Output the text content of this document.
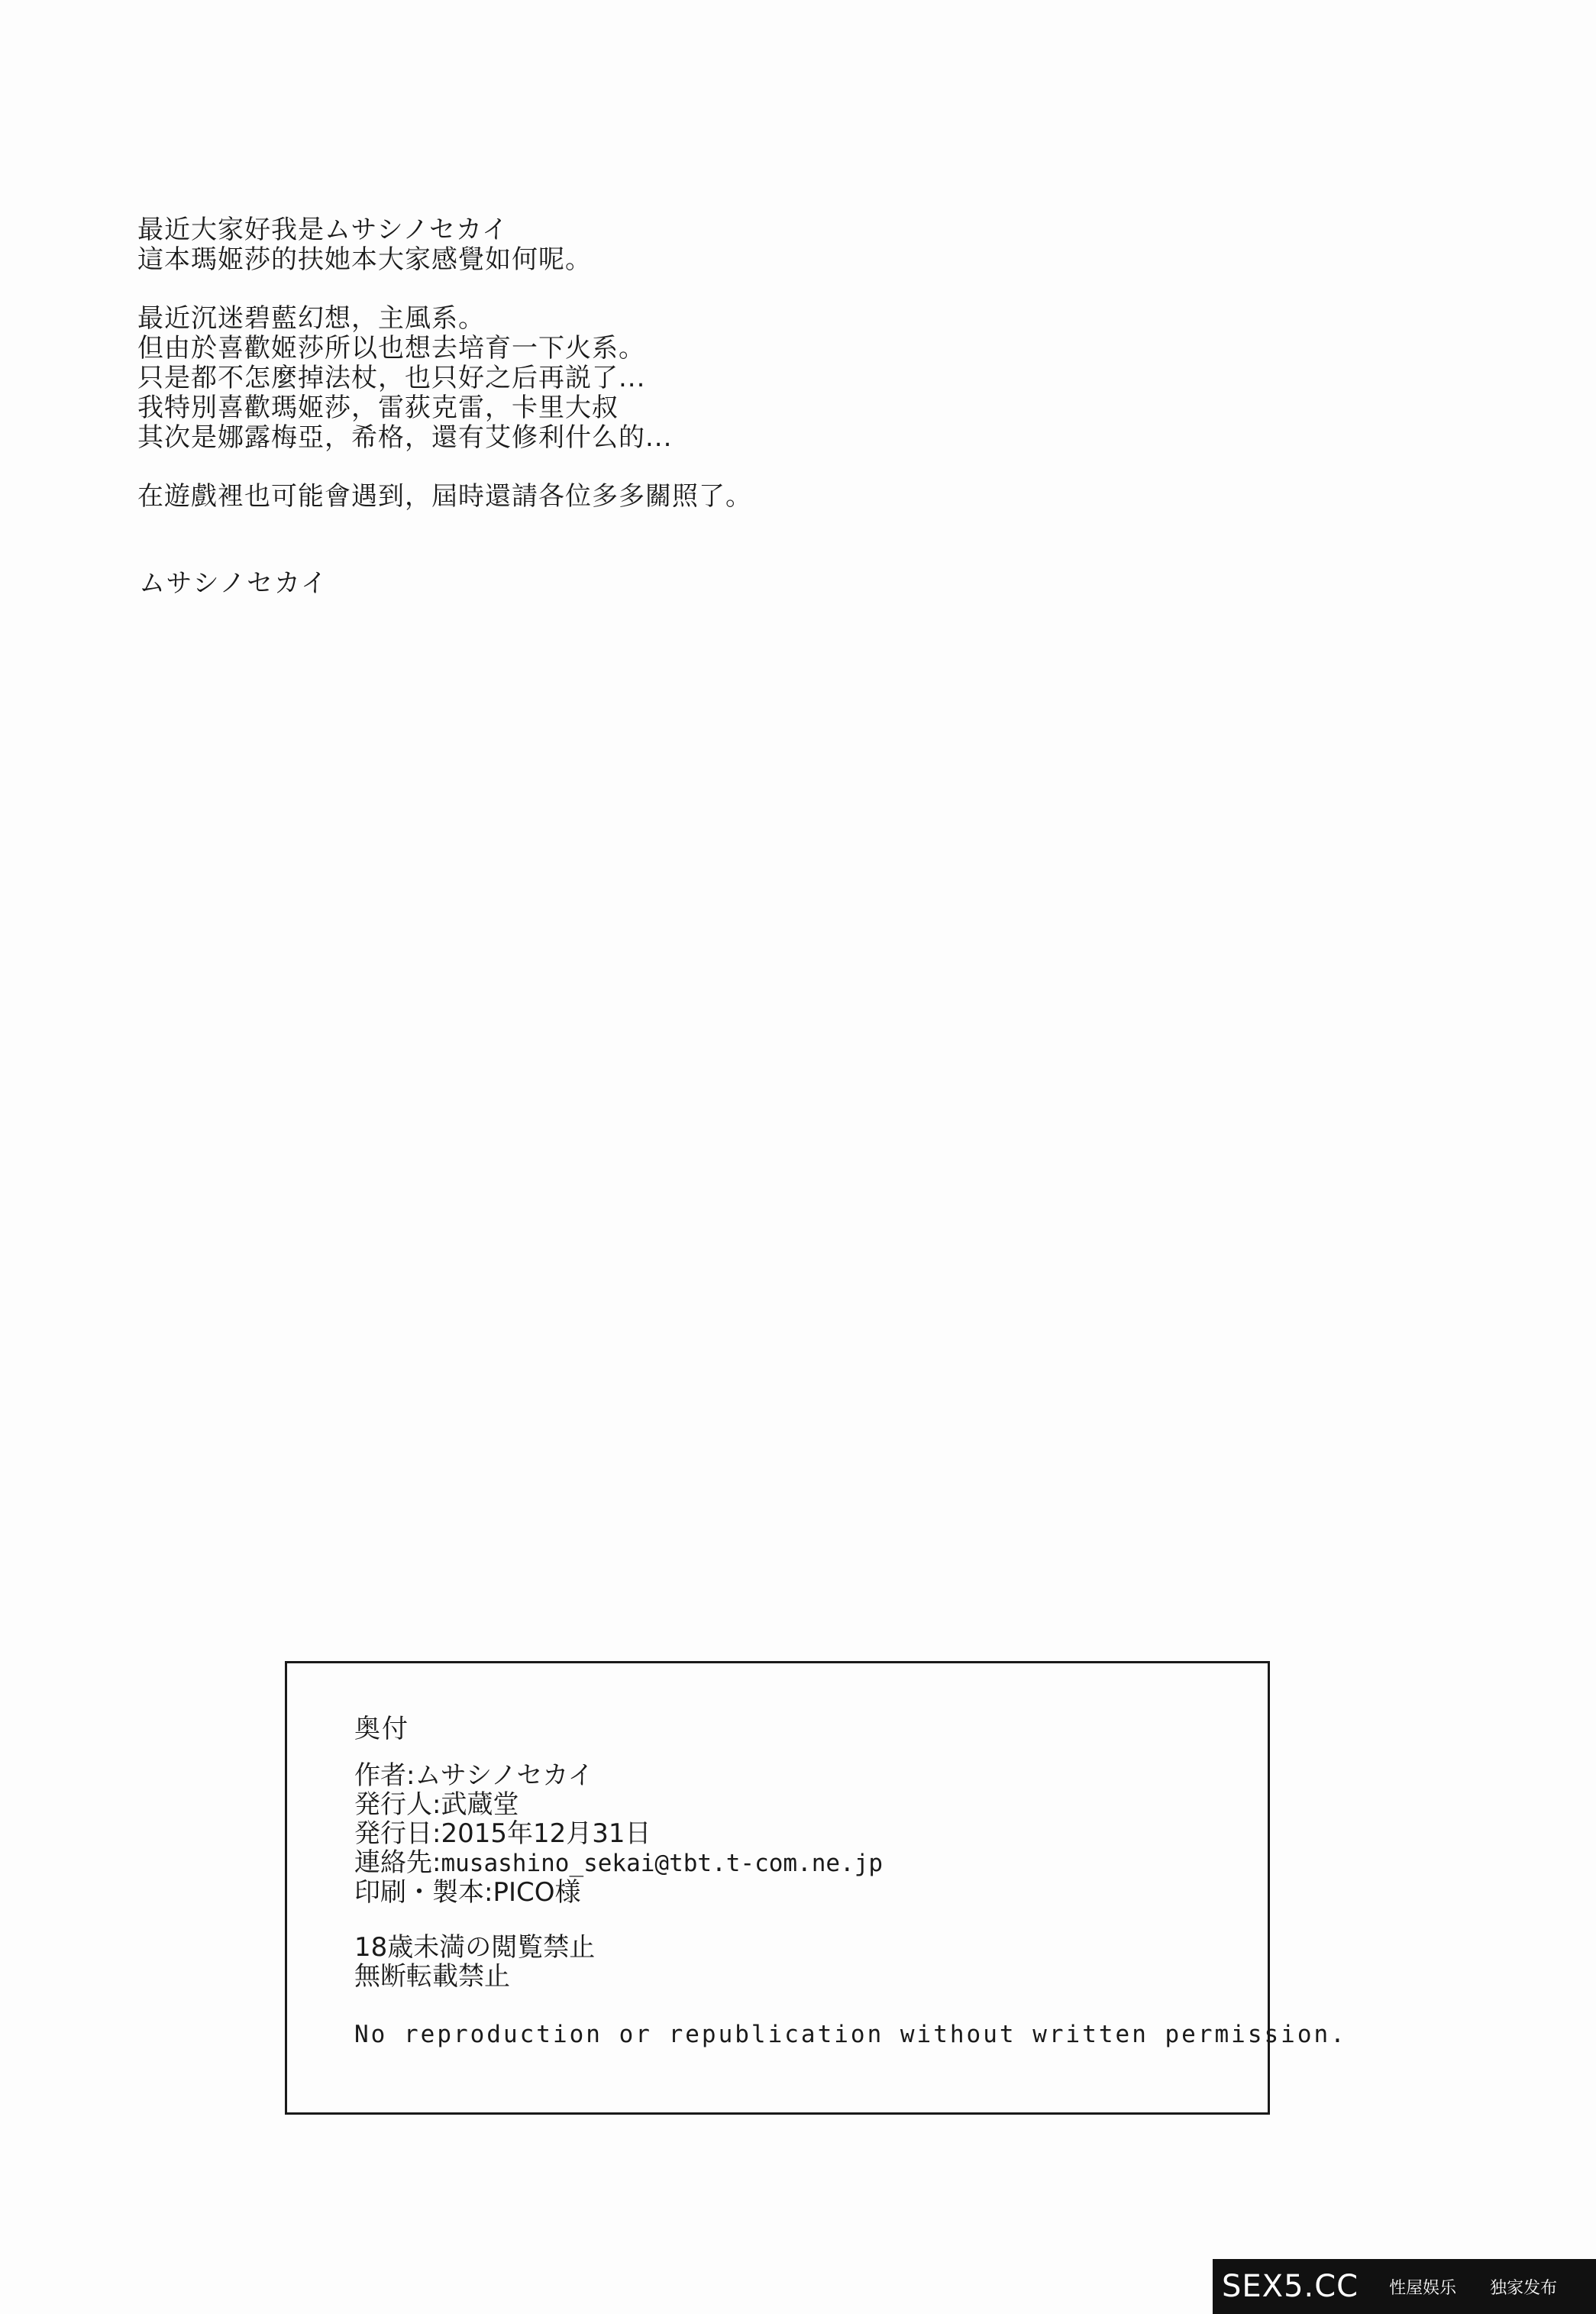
最近大家好我是ムサシノセカイ
這本瑪姬莎的扶她本大家感覺如何呢。
最近沉迷碧藍幻想，主風系。
但由於喜歡姬莎所以也想去培育一下火系。
只是都不怎麼掉法杖，也只好之后再説了...
我特別喜歡瑪姬莎，雷荻克雷，卡里大叔
其次是娜露梅亞，希格，還有艾修利什么的...
在遊戲裡也可能會遇到，屆時還請各位多多關照了。
ムサシノセカイ
奥付
作者:ムサシノセカイ
発行人:武蔵堂
発行日:2015年12月31日
連絡先:musashino_sekai@tbt.t-com.ne.jp
印刷・製本:PICO様
18歳未満の閲覧禁止
無断転載禁止
No reproduction or republication without written permission.
SEX5.CC 性屋娱乐 独家发布
